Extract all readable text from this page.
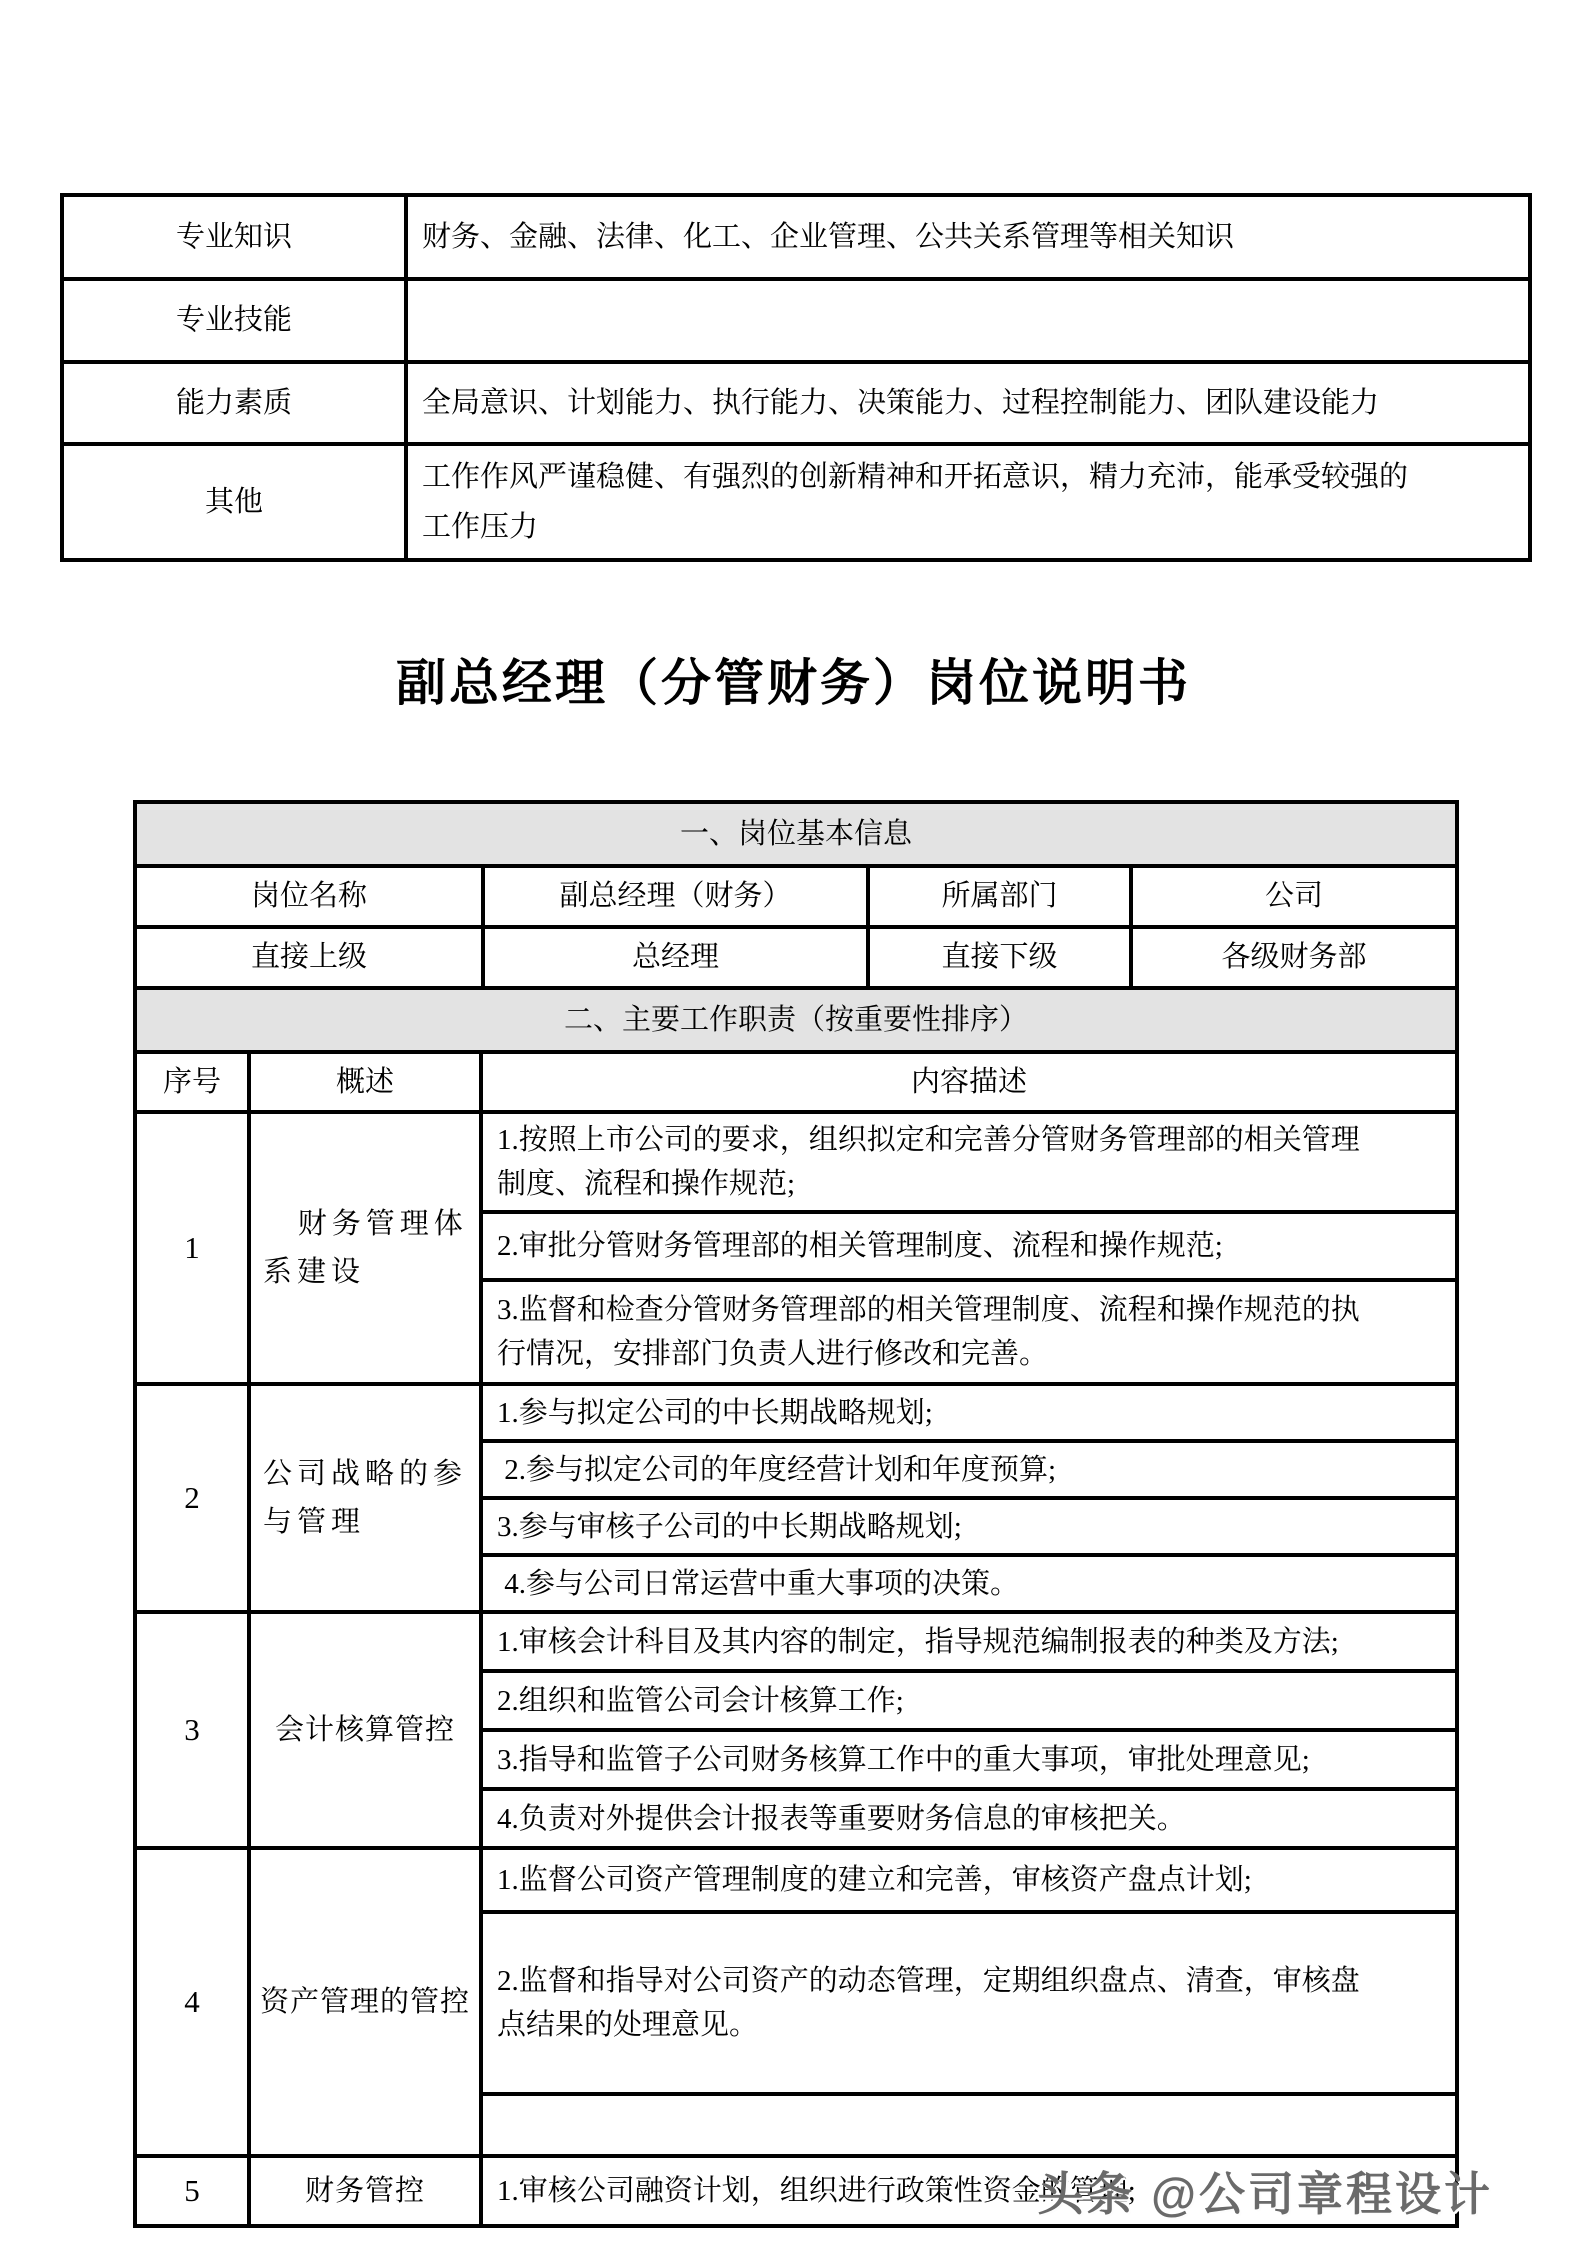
专业知识	财务、金融、法律、化工、企业管理、公共关系管理等相关知识
专业技能	
能力素质	全局意识、计划能力、执行能力、决策能力、过程控制能力、团队建设能力
其他	工作作风严谨稳健、有强烈的创新精神和开拓意识，精力充沛，能承受较强的工作压力
副总经理（分管财务）岗位说明书
一、岗位基本信息			
岗位名称	副总经理（财务）	所属部门	公司
直接上级	总经理	直接下级	各级财务部
二、主要工作职责（按重要性排序）		
序号	概述	内容描述
1	财务管理体系建设	1.按照上市公司的要求，组织拟定和完善分管财务管理部的相关管理制度、流程和操作规范;
		2.审批分管财务管理部的相关管理制度、流程和操作规范;
		3.监督和检查分管财务管理部的相关管理制度、流程和操作规范的执行情况，安排部门负责人进行修改和完善。
2	公司战略的参与管理	1.参与拟定公司的中长期战略规划;
		2.参与拟定公司的年度经营计划和年度预算;
		3.参与审核子公司的中长期战略规划;
		4.参与公司日常运营中重大事项的决策。
3	会计核算管控	1.审核会计科目及其内容的制定，指导规范编制报表的种类及方法;
		2.组织和监管公司会计核算工作;
		3.指导和监管子公司财务核算工作中的重大事项，审批处理意见;
		4.负责对外提供会计报表等重要财务信息的审核把关。
4	资产管理的管控	1.监督公司资产管理制度的建立和完善，审核资产盘点计划;
		2.监督和指导对公司资产的动态管理，定期组织盘点、清查，审核盘点结果的处理意见。

5	财务管控	1.审核公司融资计划，组织进行政策性资金的管理;
头条 @公司章程设计
